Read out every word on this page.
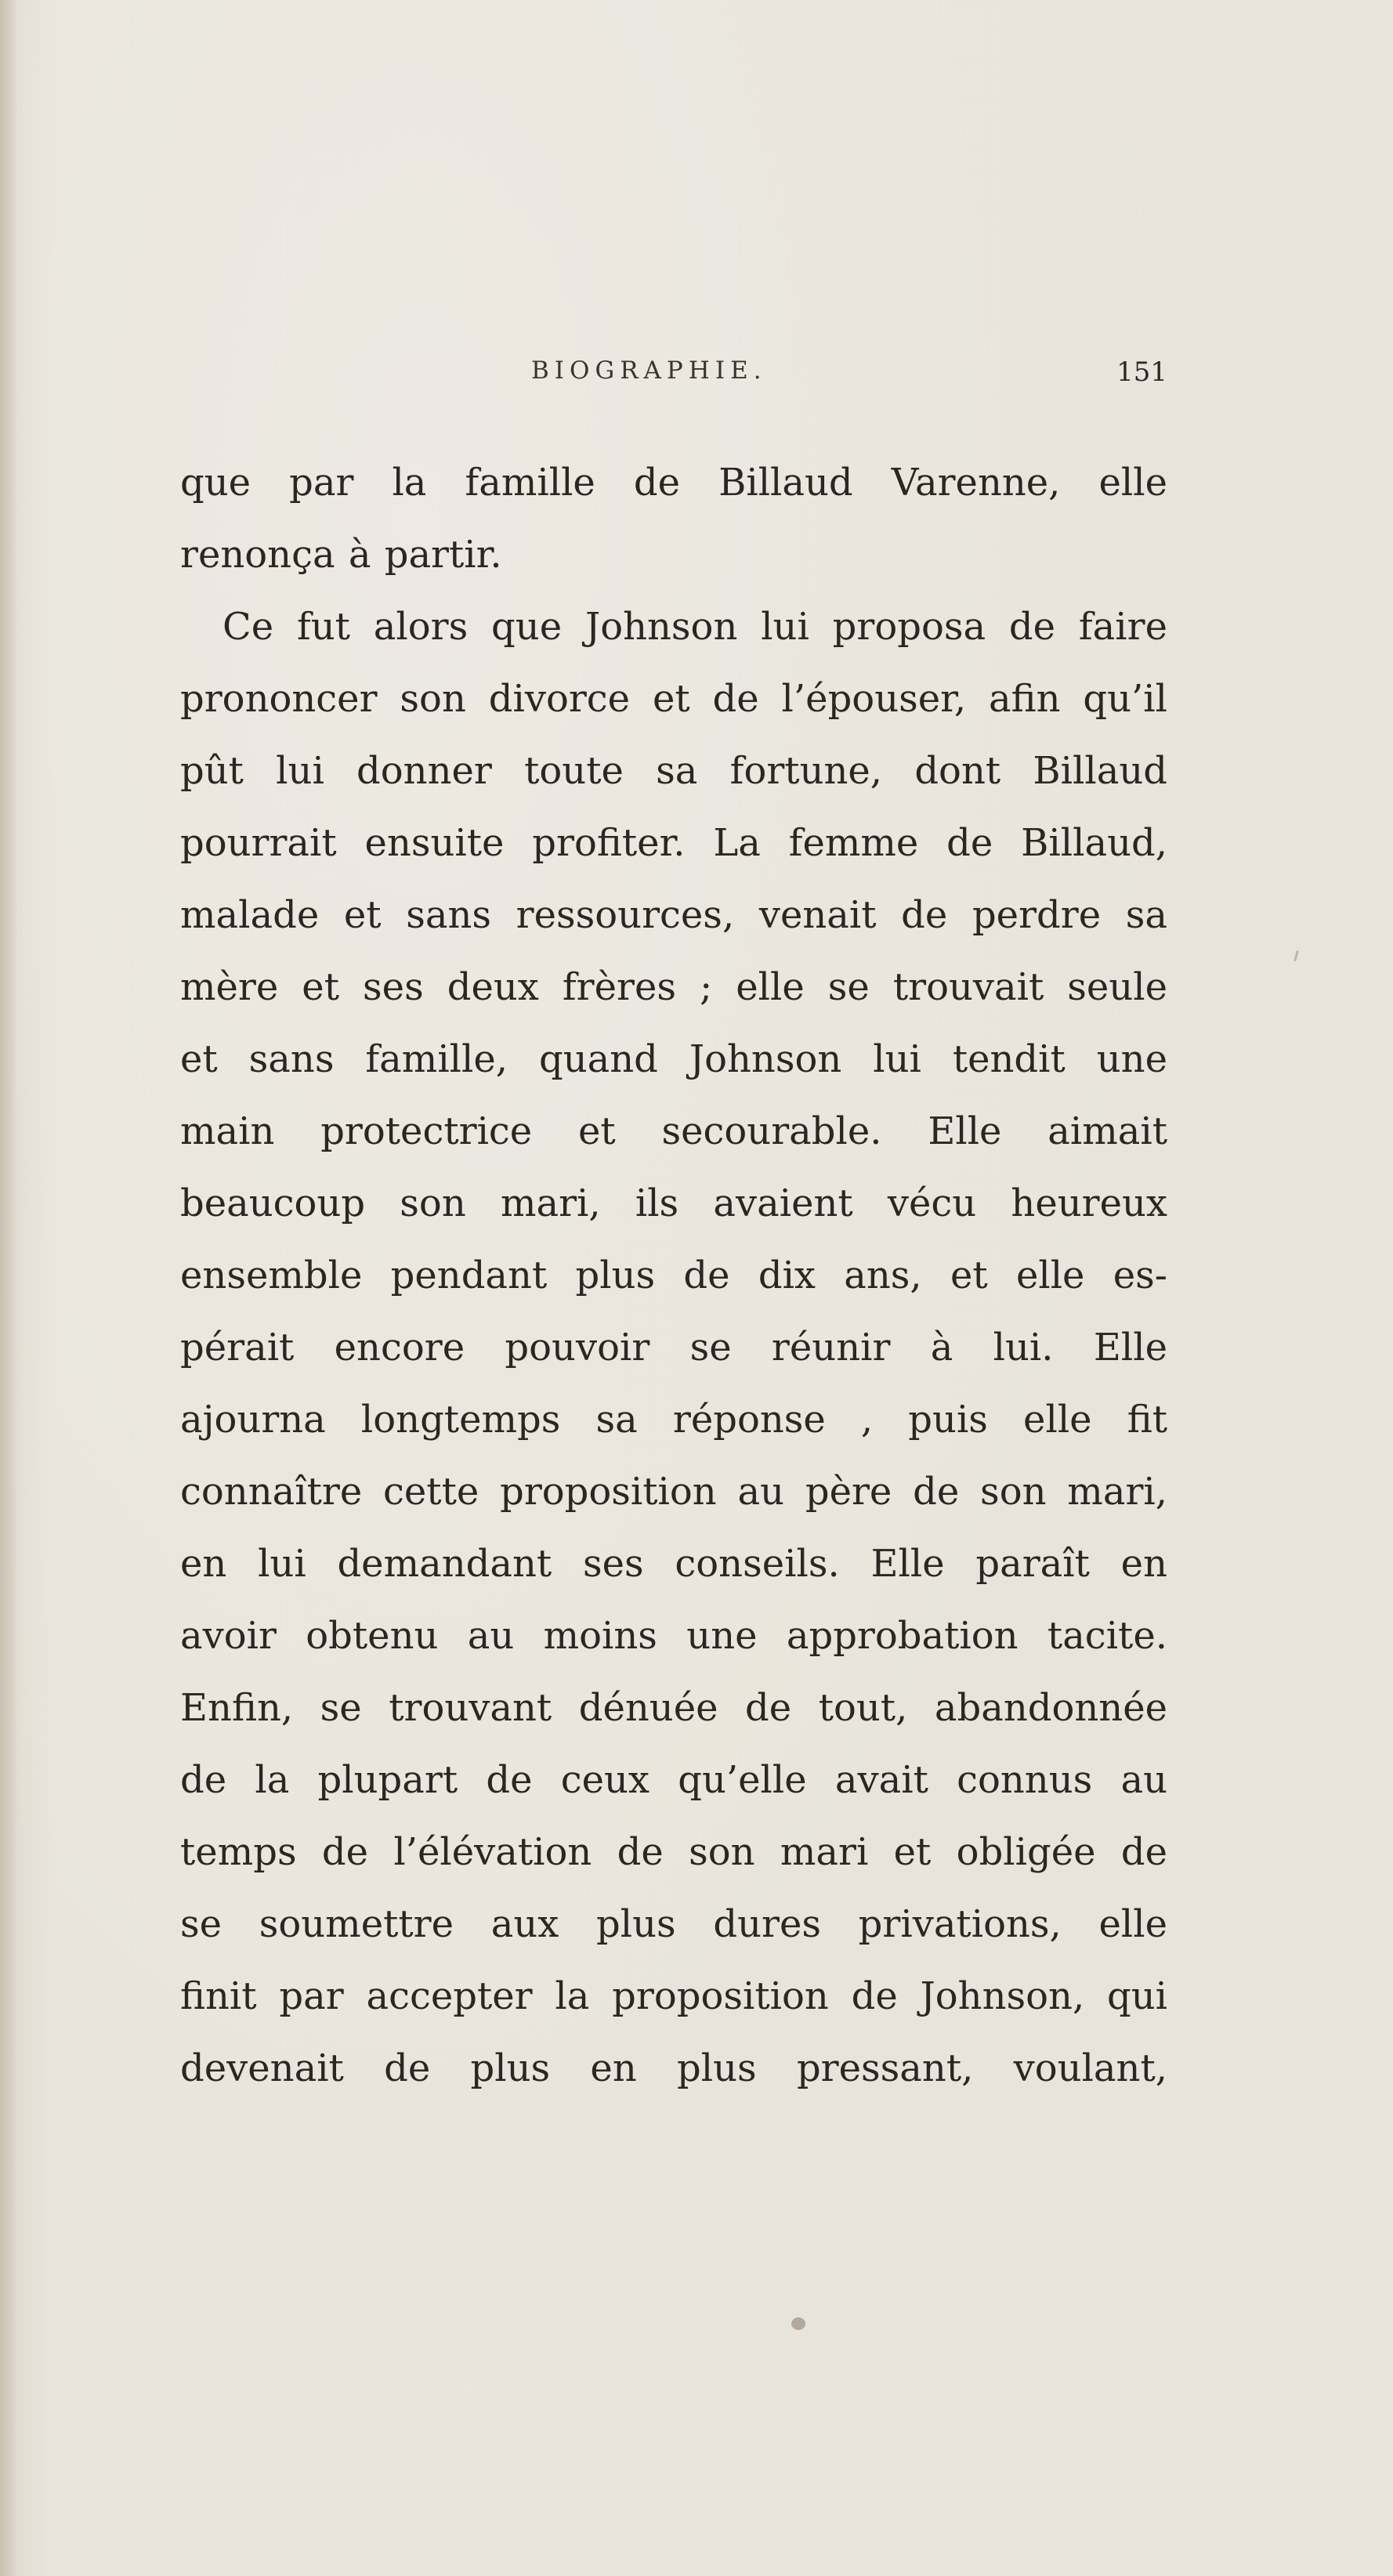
BIOGRAPHIE.	151
que par la famille de Billaud Varenne, elle
renonça à partir.
Ce fut alors que Johnson lui proposa de faire
prononcer son divorce et de l’épouser, afin qu’il
pût lui donner toute sa fortune, dont Billaud
pourrait ensuite profiter. La femme de Billaud,
malade et sans ressources, venait de perdre sa
mère et ses deux frères ; elle se trouvait seule
et sans famille, quand Johnson lui tendit une
main protectrice et secourable. Elle aimait
beaucoup son mari, ils avaient vécu heureux
ensemble pendant plus de dix ans, et elle es-
pérait encore pouvoir se réunir à lui. Elle
ajourna longtemps sa réponse , puis elle fit
connaître cette proposition au père de son mari,
en lui demandant ses conseils. Elle paraît en
avoir obtenu au moins une approbation tacite.
Enfin, se trouvant dénuée de tout, abandonnée
de la plupart de ceux qu’elle avait connus au
temps de l’élévation de son mari et obligée de
se soumettre aux plus dures privations, elle
finit par accepter la proposition de Johnson, qui
devenait de plus en plus pressant, voulant,
